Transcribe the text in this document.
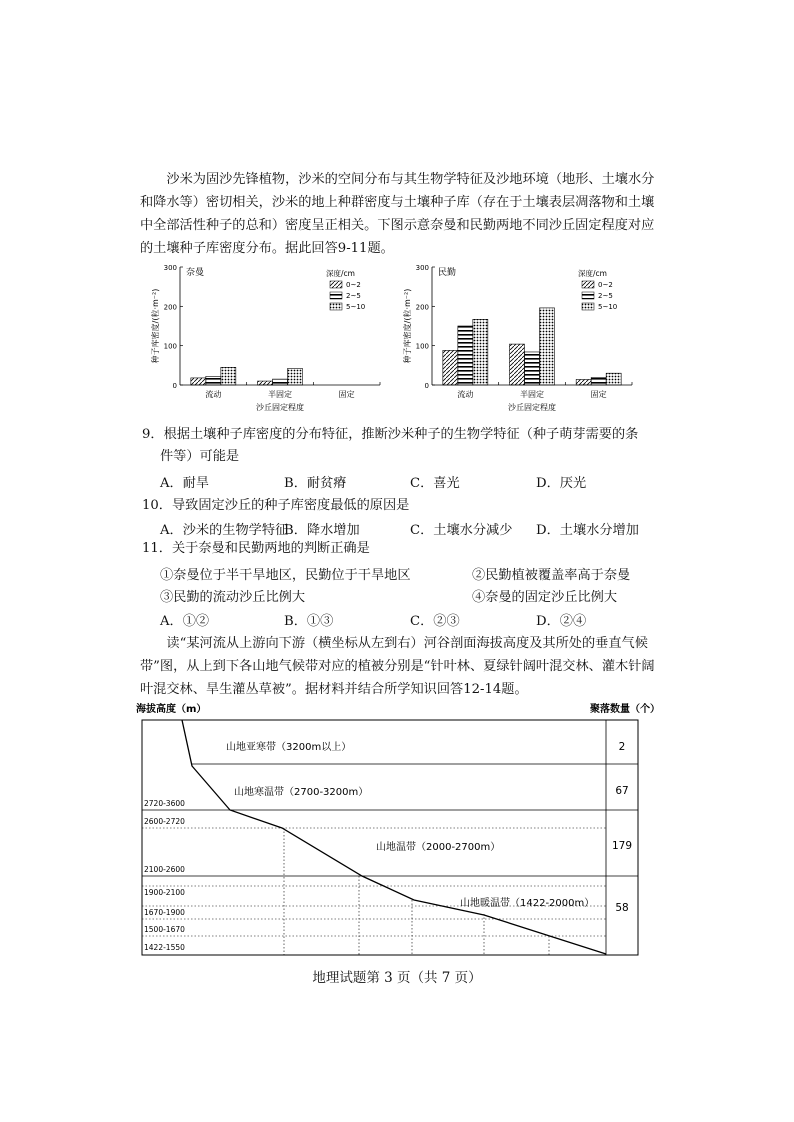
沙米为固沙先锋植物，沙米的空间分布与其生物学特征及沙地环境（地形、土壤水分和降水等）密切相关，沙米的地上种群密度与土壤种子库（存在于土壤表层凋落物和土壤中全部活性种子的总和）密度呈正相关。下图示意奈曼和民勤两地不同沙丘固定程度对应的土壤种子库密度分布。据此回答9-11题。

0
100
200
300
种子库密度/(粒·m⁻²)
奈曼
流动	半固定	固定
沙丘固定程度
深度/cm
0~2
2~5
5~10
0
100
200
300
种子库密度/(粒·m⁻²)
民勤
流动	半固定	固定
沙丘固定程度
深度/cm
0~2
2~5
5~10
9．根据土壤种子库密度的分布特征，推断沙米种子的生物学特征（种子萌芽需要的条
件等）可能是
A．耐旱	B．耐贫瘠	C．喜光	D．厌光
10．导致固定沙丘的种子库密度最低的原因是
A．沙米的生物学特征
B．降水增加	C．土壤水分减少 D．土壤水分增加
11．关于奈曼和民勤两地的判断正确是
①奈曼位于半干旱地区，民勤位于干旱地区	②民勤植被覆盖率高于奈曼
③民勤的流动沙丘比例大	④奈曼的固定沙丘比例大
A．①②	B．①③	C．②③	D．②④

读“某河流从上游向下游（横坐标从左到右）河谷剖面海拔高度及其所处的垂直气候带”图，从上到下各山地气候带对应的植被分别是“针叶林、夏绿针阔叶混交林、灌木针阔叶混交林、旱生灌丛草被”。据材料并结合所学知识回答12-14题。

海拔高度（m）	聚落数量（个）
山地亚寒带（3200m以上）
山地寒温带（2700-3200m）
山地温带（2000-2700m）
山地暖温带（1422-2000m）
2
67
179
58
2720-3600
2600-2720
2100-2600
1900-2100
1670-1900
1500-1670
1422-1550
地理试题第 3 页（共 7 页）
